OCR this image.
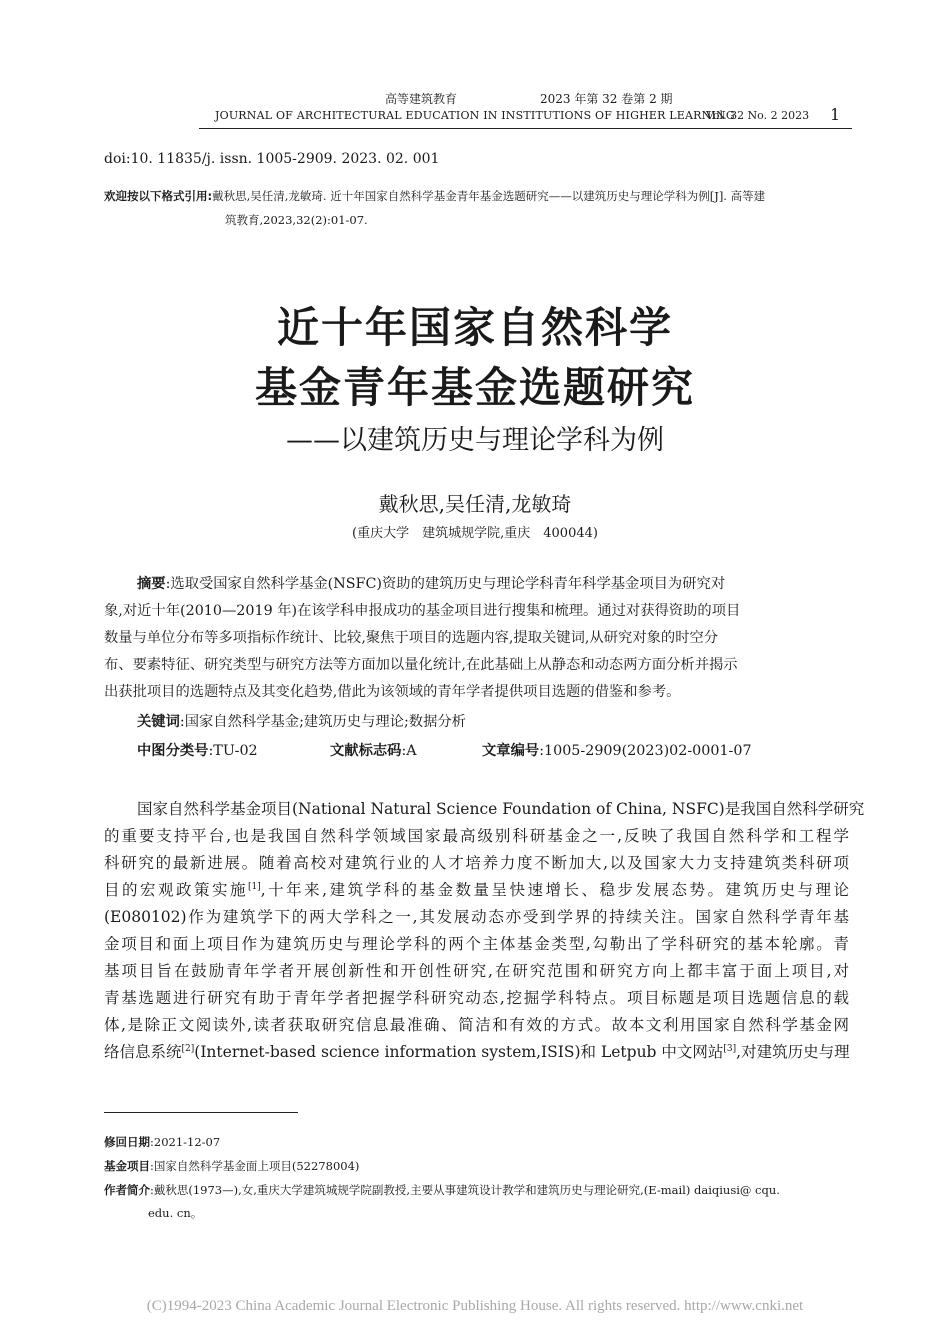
高等建筑教育	2023 年第 32 卷第 2 期
JOURNAL OF ARCHITECTURAL EDUCATION IN INSTITUTIONS OF HIGHER LEARNING
Vol. 32 No. 2 2023 1
doi:10. 11835/j. issn. 1005-2909. 2023. 02. 001
欢迎按以下格式引用:戴秋思,吴任清,龙敏琦. 近十年国家自然科学基金青年基金选题研究——以建筑历史与理论学科为例[J]. 高等建
筑教育,2023,32(2):01-07.
近十年国家自然科学
基金青年基金选题研究
——以建筑历史与理论学科为例
戴秋思,吴任清,龙敏琦
(重庆大学　建筑城规学院,重庆　400044)
摘要:选取受国家自然科学基金(NSFC)资助的建筑历史与理论学科青年科学基金项目为研究对
象,对近十年(2010—2019 年)在该学科申报成功的基金项目进行搜集和梳理。通过对获得资助的项目
数量与单位分布等多项指标作统计、比较,聚焦于项目的选题内容,提取关键词,从研究对象的时空分
布、要素特征、研究类型与研究方法等方面加以量化统计,在此基础上从静态和动态两方面分析并揭示
出获批项目的选题特点及其变化趋势,借此为该领域的青年学者提供项目选题的借鉴和参考。
关键词:国家自然科学基金;建筑历史与理论;数据分析
中图分类号:TU-02	文献标志码:A	文章编号:1005-2909(2023)02-0001-07
国家自然科学基金项目(National Natural Science Foundation of China, NSFC)是我国自然科学研究
的重要支持平台,也是我国自然科学领域国家最高级别科研基金之一,反映了我国自然科学和工程学
科研究的最新进展。随着高校对建筑行业的人才培养力度不断加大,以及国家大力支持建筑类科研项
目的宏观政策实施[1],十年来,建筑学科的基金数量呈快速增长、稳步发展态势。建筑历史与理论
(E080102)作为建筑学下的两大学科之一,其发展动态亦受到学界的持续关注。国家自然科学青年基
金项目和面上项目作为建筑历史与理论学科的两个主体基金类型,勾勒出了学科研究的基本轮廓。青
基项目旨在鼓励青年学者开展创新性和开创性研究,在研究范围和研究方向上都丰富于面上项目,对
青基选题进行研究有助于青年学者把握学科研究动态,挖掘学科特点。项目标题是项目选题信息的载
体,是除正文阅读外,读者获取研究信息最准确、简洁和有效的方式。故本文利用国家自然科学基金网
络信息系统[2](Internet-based science information system,ISIS)和 Letpub 中文网站[3],对建筑历史与理
修回日期:2021-12-07
基金项目:国家自然科学基金面上项目(52278004)
作者简介:戴秋思(1973—),女,重庆大学建筑城规学院副教授,主要从事建筑设计教学和建筑历史与理论研究,(E-mail) daiqiusi@ cqu.
edu. cn。
(C)1994-2023 China Academic Journal Electronic Publishing House. All rights reserved. http://www.cnki.net
